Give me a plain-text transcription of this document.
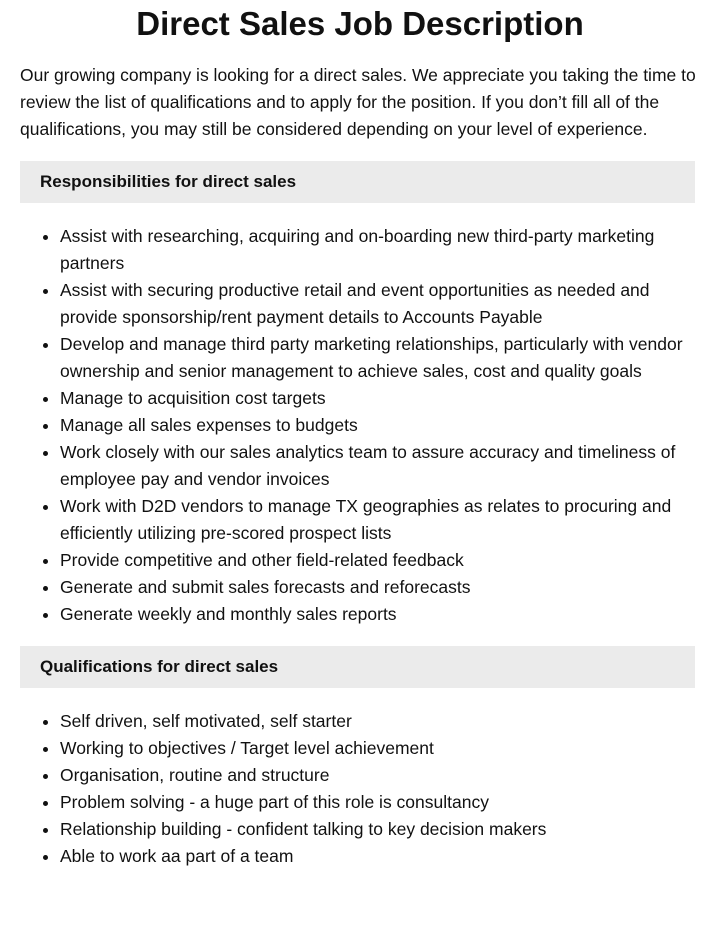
Direct Sales Job Description

Our growing company is looking for a direct sales. We appreciate you taking the time to review the list of qualifications and to apply for the position. If you don’t fill all of the qualifications, you may still be considered depending on your level of experience.

Responsibilities for direct sales
• Assist with researching, acquiring and on-boarding new third-party marketing partners
• Assist with securing productive retail and event opportunities as needed and provide sponsorship/rent payment details to Accounts Payable
• Develop and manage third party marketing relationships, particularly with vendor ownership and senior management to achieve sales, cost and quality goals
• Manage to acquisition cost targets
• Manage all sales expenses to budgets
• Work closely with our sales analytics team to assure accuracy and timeliness of employee pay and vendor invoices
• Work with D2D vendors to manage TX geographies as relates to procuring and efficiently utilizing pre-scored prospect lists
• Provide competitive and other field-related feedback
• Generate and submit sales forecasts and reforecasts
• Generate weekly and monthly sales reports
Qualifications for direct sales
• Self driven, self motivated, self starter
• Working to objectives / Target level achievement
• Organisation, routine and structure
• Problem solving - a huge part of this role is consultancy
• Relationship building - confident talking to key decision makers
• Able to work aa part of a team
